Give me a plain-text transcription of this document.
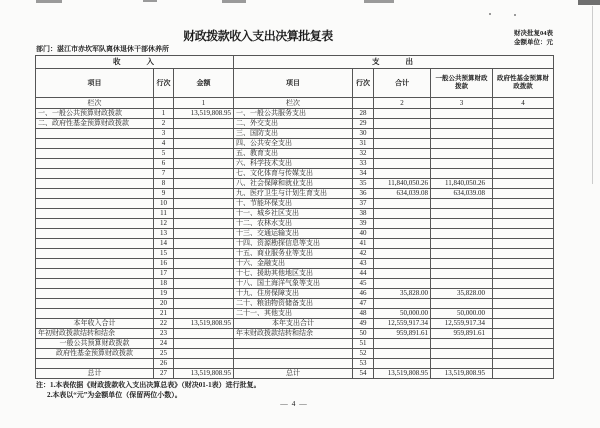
财政拨款收入支出决算批复表	财决批复04表
金额单位：元
部门：湛江市赤坎军队离休退休干部休养所
收入			支出				
项目	行次	金额	项目	行次	合计	一般公共预算财政拨款	政府性基金预算财政拨款
栏次		1	栏次		2	3	4
一、一般公共预算财政拨款	1	13,519,808.95	一、一般公共服务支出	28			
二、政府性基金预算财政拨款	2		二、外交支出	29			
	3		三、国防支出	30			
	4		四、公共安全支出	31			
	5		五、教育支出	32			
	6		六、科学技术支出	33			
	7		七、文化体育与传媒支出	34			
	8		八、社会保障和就业支出	35	11,840,050.26	11,840,050.26	
	9		九、医疗卫生与计划生育支出	36	634,039.08	634,039.08	
	10		十、节能环保支出	37			
	11		十一、城乡社区支出	38			
	12		十二、农林水支出	39			
	13		十三、交通运输支出	40			
	14		十四、资源勘探信息等支出	41			
	15		十五、商业服务业等支出	42			
	16		十六、金融支出	43			
	17		十七、援助其他地区支出	44			
	18		十八、国土海洋气象等支出	45			
	19		十九、住房保障支出	46	35,828.00	35,828.00	
	20		二十、粮油物资储备支出	47			
	21		二十一、其他支出	48	50,000.00	50,000.00	
本年收入合计	22	13,519,808.95	本年支出合计	49	12,559,917.34	12,559,917.34	
年初财政拨款结转和结余	23		年末财政拨款结转和结余	50	959,891.61	959,891.61	
一般公共预算财政拨款	24			51			
政府性基金预算财政拨款	25			52			
	26			53			
总计	27	13,519,808.95	总计	54	13,519,808.95	13,519,808.95	
注：1.本表依据《财政拨款收入支出决算总表》（财决01-1表）进行批复。
2.本表以“元”为金额单位（保留两位小数）。
— 4 —
